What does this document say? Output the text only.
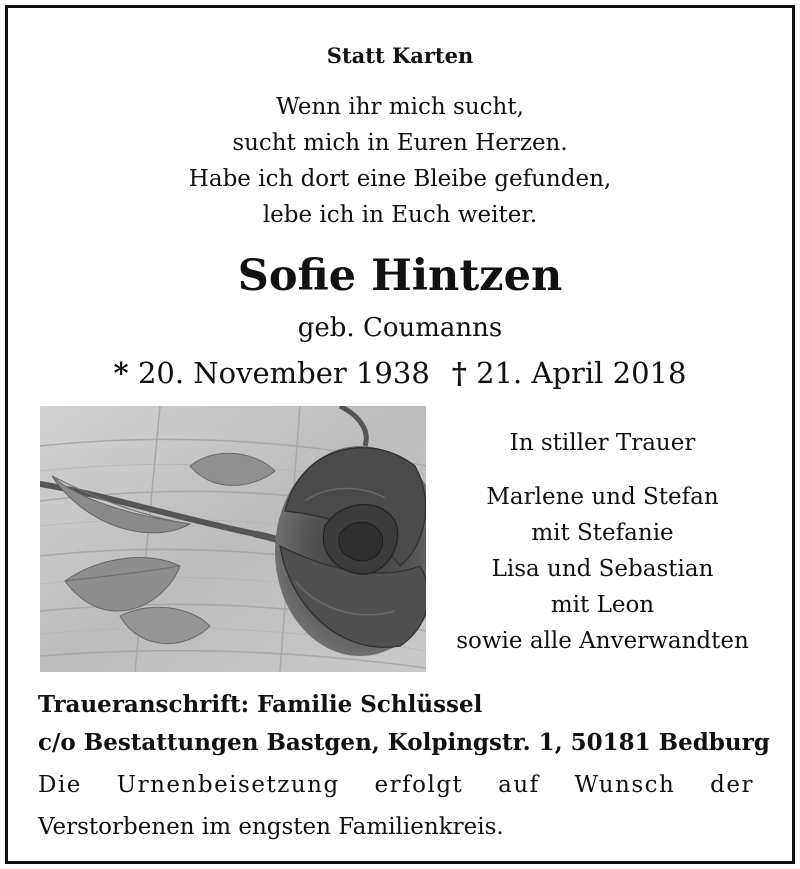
Statt Karten
Wenn ihr mich sucht,
sucht mich in Euren Herzen.
Habe ich dort eine Bleibe gefunden,
lebe ich in Euch weiter.
Sofie Hintzen
geb. Coumanns
* 20. November 1938 † 21. April 2018
In stiller Trauer
Marlene und Stefan
mit Stefanie
Lisa und Sebastian
mit Leon
sowie alle Anverwandten
Traueranschrift: Familie Schlüssel
c/o Bestattungen Bastgen, Kolpingstr. 1, 50181 Bedburg
Die Urnenbeisetzung erfolgt auf Wunsch der
Verstorbenen im engsten Familienkreis.
